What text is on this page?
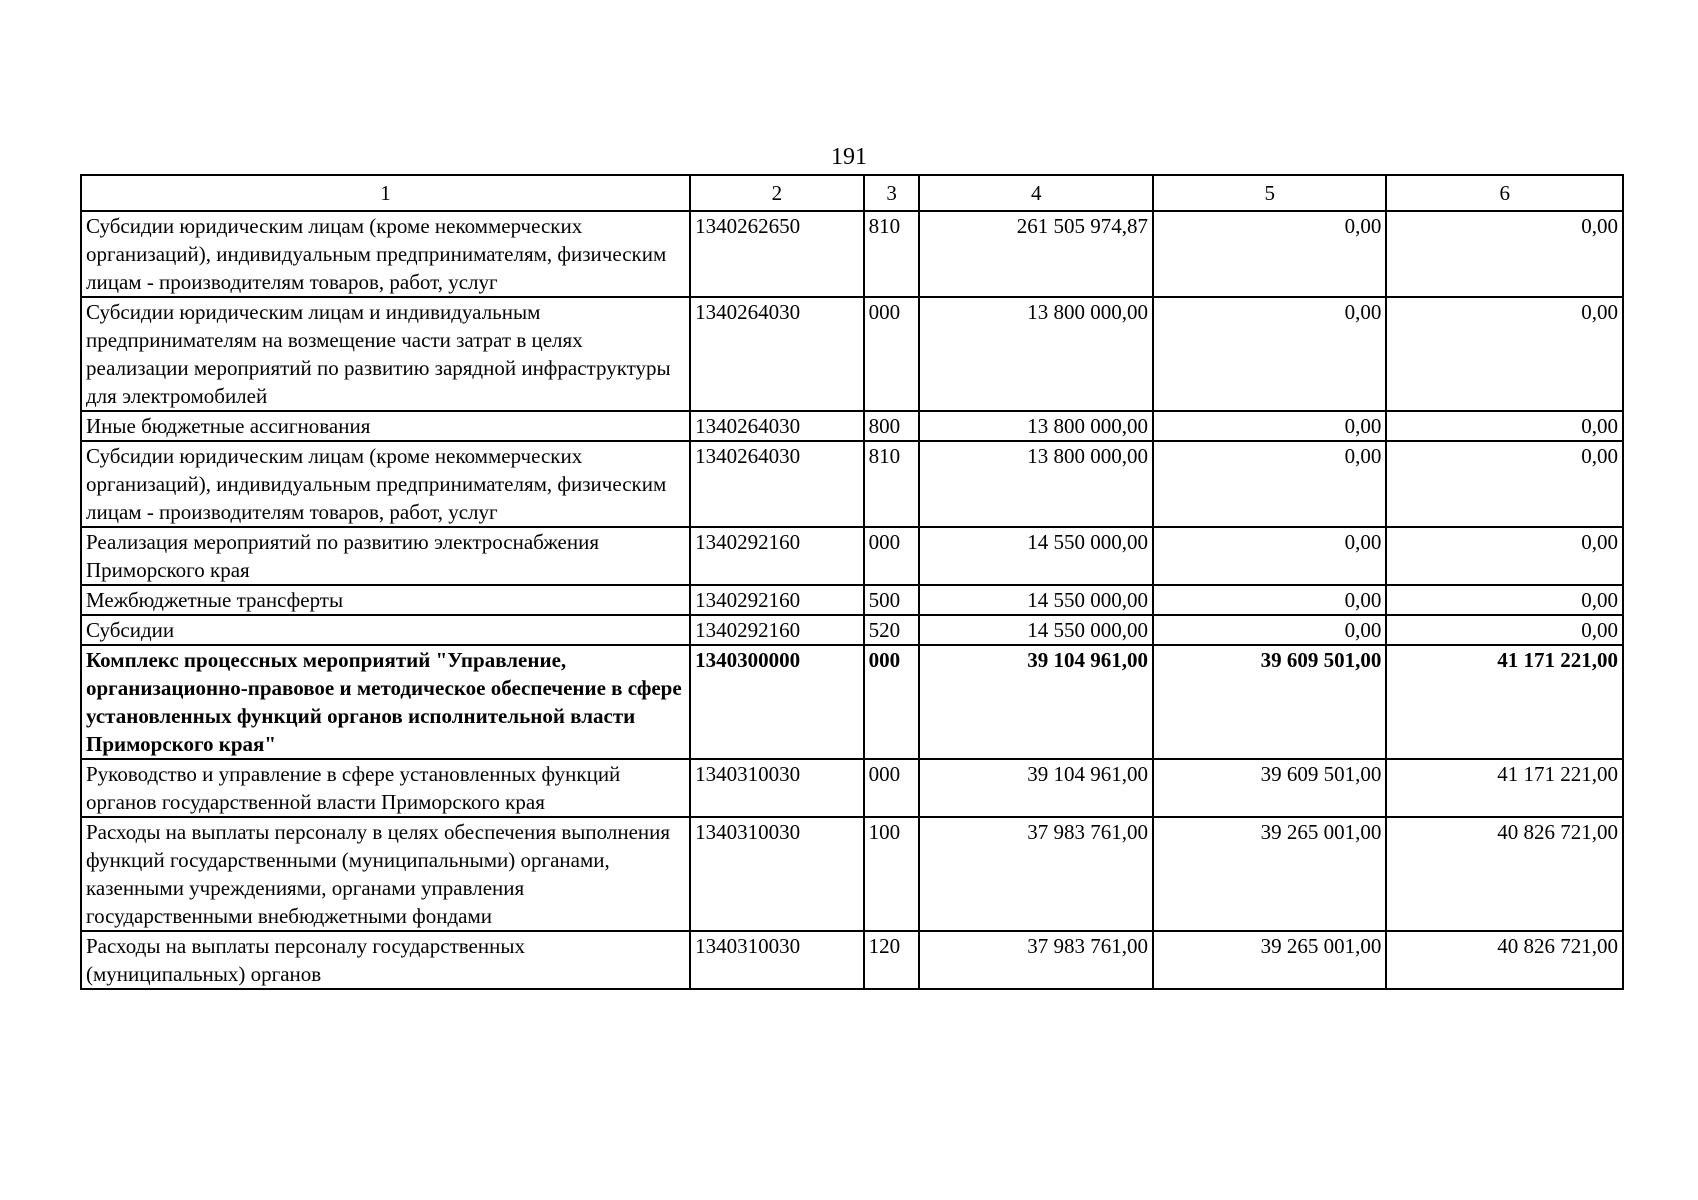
191
1	2	3	4	5	6
Субсидии юридическим лицам (кроме некоммерческих организаций), индивидуальным предпринимателям, физическим лицам - производителям товаров, работ, услуг	1340262650	810	261 505 974,87	0,00	0,00
Субсидии юридическим лицам и индивидуальным предпринимателям на возмещение части затрат в целях реализации мероприятий по развитию зарядной инфраструктуры для электромобилей	1340264030	000	13 800 000,00	0,00	0,00
Иные бюджетные ассигнования	1340264030	800	13 800 000,00	0,00	0,00
Субсидии юридическим лицам (кроме некоммерческих организаций), индивидуальным предпринимателям, физическим лицам - производителям товаров, работ, услуг	1340264030	810	13 800 000,00	0,00	0,00
Реализация мероприятий по развитию электроснабжения Приморского края	1340292160	000	14 550 000,00	0,00	0,00
Межбюджетные трансферты	1340292160	500	14 550 000,00	0,00	0,00
Субсидии	1340292160	520	14 550 000,00	0,00	0,00
Комплекс процессных мероприятий "Управление, организационно-правовое и методическое обеспечение в сфере установленных функций органов исполнительной власти Приморского края"	1340300000	000	39 104 961,00	39 609 501,00	41 171 221,00
Руководство и управление в сфере установленных функций органов государственной власти Приморского края	1340310030	000	39 104 961,00	39 609 501,00	41 171 221,00
Расходы на выплаты персоналу в целях обеспечения выполнения функций государственными (муниципальными) органами, казенными учреждениями, органами управления государственными внебюджетными фондами	1340310030	100	37 983 761,00	39 265 001,00	40 826 721,00
Расходы на выплаты персоналу государственных (муниципальных) органов	1340310030	120	37 983 761,00	39 265 001,00	40 826 721,00
